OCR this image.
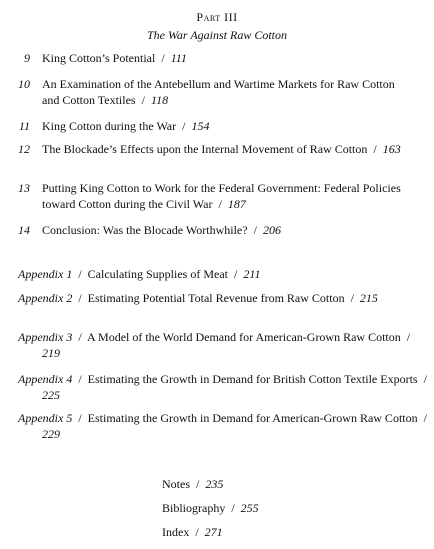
Part III
The War Against Raw Cotton
9 King Cotton’s Potential / 111
10 An Examination of the Antebellum and Wartime Markets for Raw Cotton and Cotton Textiles / 118
11 King Cotton during the War / 154
12 The Blockade’s Effects upon the Internal Movement of Raw Cotton / 163
13 Putting King Cotton to Work for the Federal Government: Federal Policies toward Cotton during the Civil War / 187
14 Conclusion: Was the Blocade Worthwhile? / 206
Appendix 1 / Calculating Supplies of Meat / 211
Appendix 2 / Estimating Potential Total Revenue from Raw Cotton / 215
Appendix 3 / A Model of the World Demand for American-Grown Raw Cotton / 219
Appendix 4 / Estimating the Growth in Demand for British Cotton Textile Exports / 225
Appendix 5 / Estimating the Growth in Demand for American-Grown Raw Cotton / 229
Notes / 235
Bibliography / 255
Index / 271
